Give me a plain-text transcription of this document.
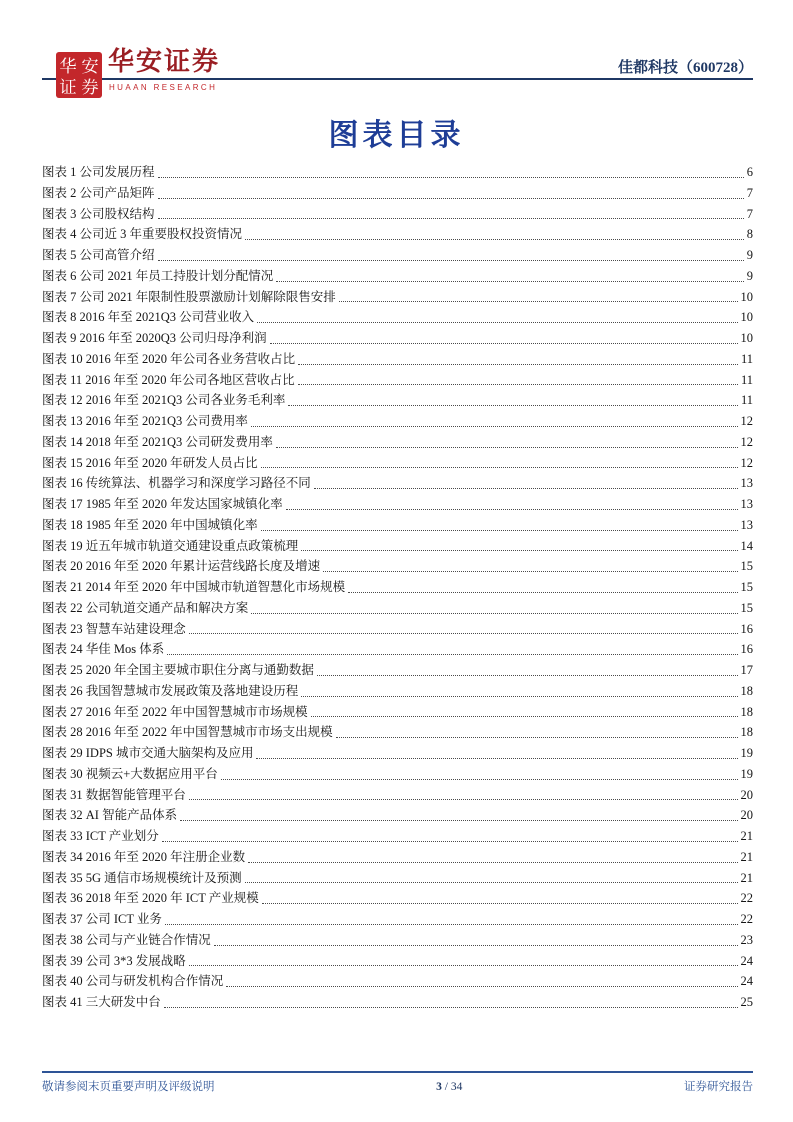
华 安
证 券
华安证券
HUAAN RESEARCH
佳都科技（600728）
图表目录
图表 1 公司发展历程	6
图表 2 公司产品矩阵	7
图表 3 公司股权结构	7
图表 4 公司近 3 年重要股权投资情况	8
图表 5 公司高管介绍	9
图表 6 公司 2021 年员工持股计划分配情况	9
图表 7 公司 2021 年限制性股票激励计划解除限售安排	10
图表 8 2016 年至 2021Q3 公司营业收入	10
图表 9 2016 年至 2020Q3 公司归母净利润	10
图表 10 2016 年至 2020 年公司各业务营收占比	11
图表 11 2016 年至 2020 年公司各地区营收占比	11
图表 12 2016 年至 2021Q3 公司各业务毛利率	11
图表 13 2016 年至 2021Q3 公司费用率	12
图表 14 2018 年至 2021Q3 公司研发费用率	12
图表 15 2016 年至 2020 年研发人员占比	12
图表 16 传统算法、机器学习和深度学习路径不同	13
图表 17 1985 年至 2020 年发达国家城镇化率	13
图表 18 1985 年至 2020 年中国城镇化率	13
图表 19 近五年城市轨道交通建设重点政策梳理	14
图表 20 2016 年至 2020 年累计运营线路长度及增速	15
图表 21 2014 年至 2020 年中国城市轨道智慧化市场规模	15
图表 22 公司轨道交通产品和解决方案	15
图表 23 智慧车站建设理念	16
图表 24 华佳 Mos 体系	16
图表 25 2020 年全国主要城市职住分离与通勤数据	17
图表 26 我国智慧城市发展政策及落地建设历程	18
图表 27 2016 年至 2022 年中国智慧城市市场规模	18
图表 28 2016 年至 2022 年中国智慧城市市场支出规模	18
图表 29 IDPS 城市交通大脑架构及应用	19
图表 30 视频云+大数据应用平台	19
图表 31 数据智能管理平台	20
图表 32 AI 智能产品体系	20
图表 33 ICT 产业划分	21
图表 34 2016 年至 2020 年注册企业数	21
图表 35 5G 通信市场规模统计及预测	21
图表 36 2018 年至 2020 年 ICT 产业规模	22
图表 37 公司 ICT 业务	22
图表 38 公司与产业链合作情况	23
图表 39 公司 3*3 发展战略	24
图表 40 公司与研发机构合作情况	24
图表 41 三大研发中台	25
敬请参阅末页重要声明及评级说明	3 / 34	证券研究报告
